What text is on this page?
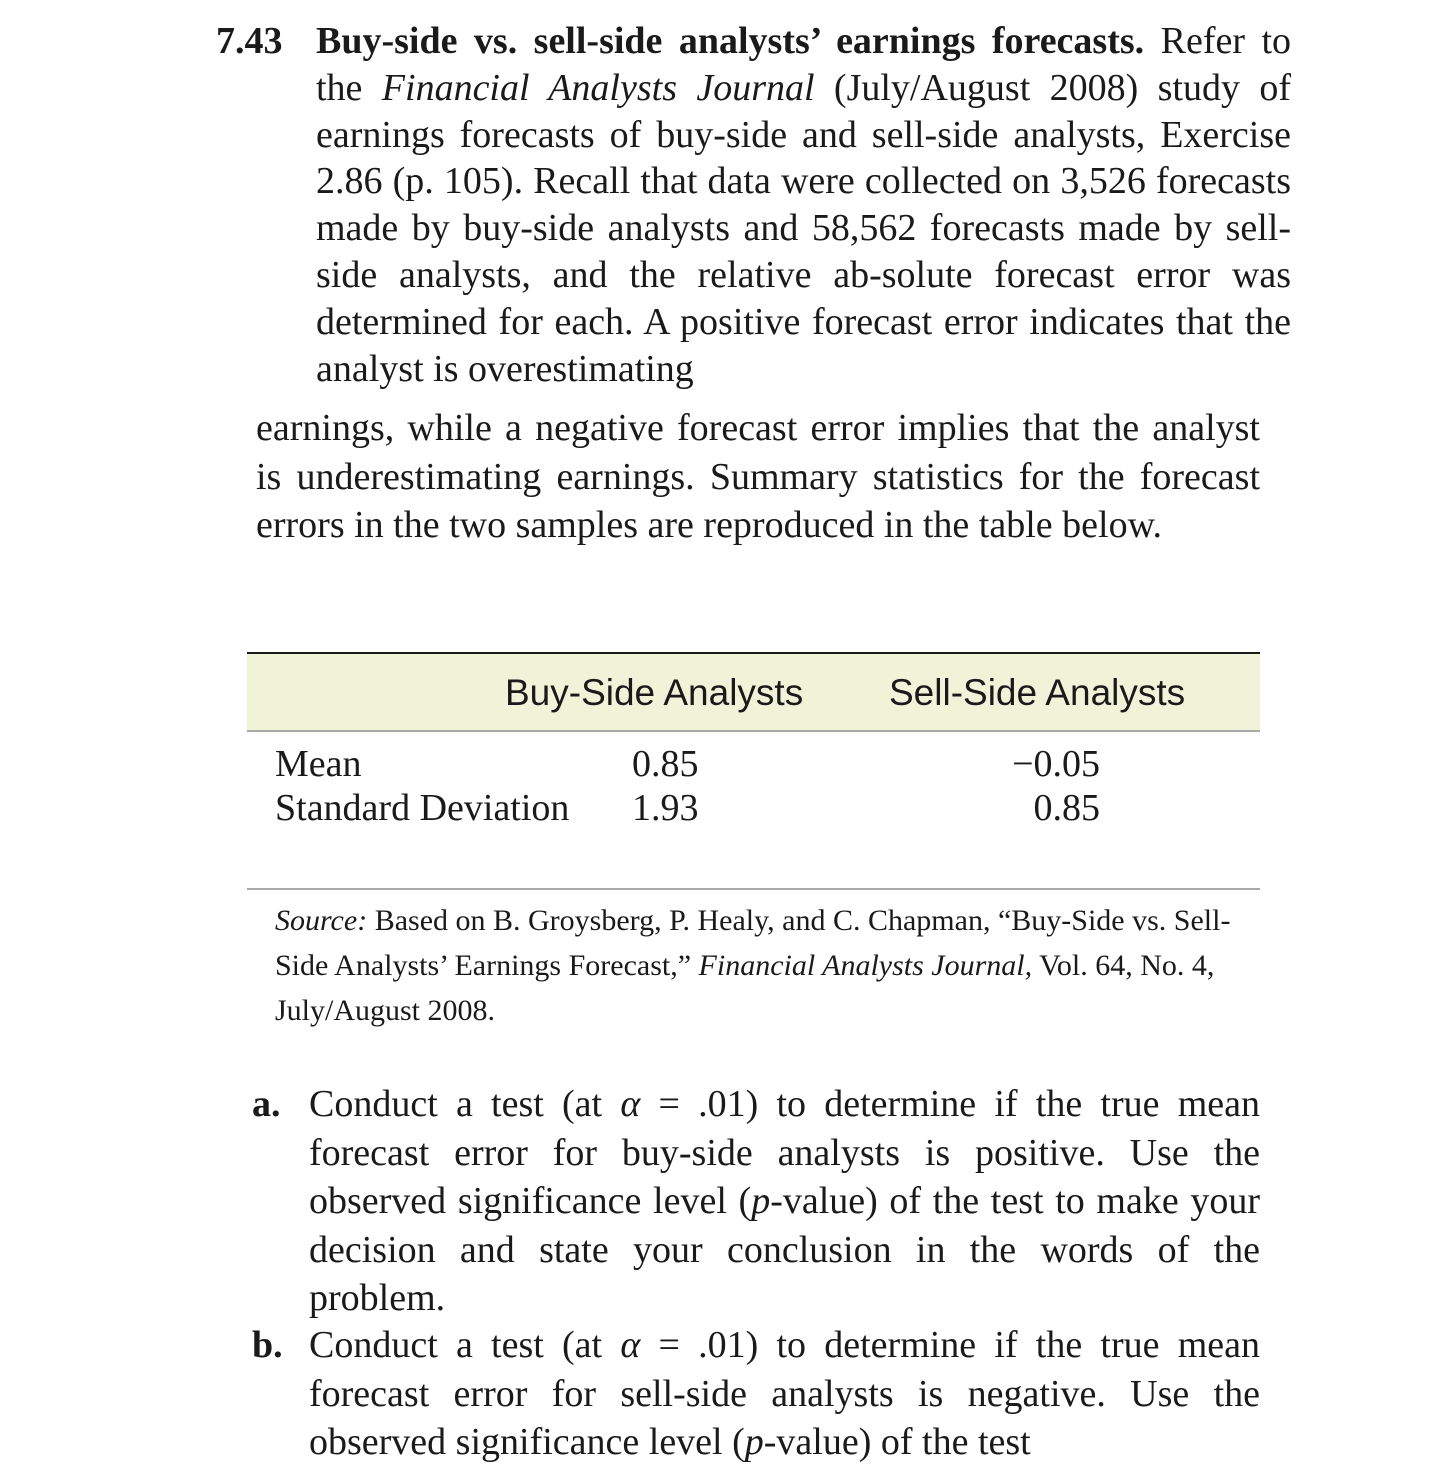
7.43 Buy-side vs. sell-side analysts’ earnings forecasts. Refer to the Financial Analysts Journal (July/August 2008) study of earnings forecasts of buy-side and sell-side analysts, Exercise 2.86 (p. 105). Recall that data were collected on 3,526 forecasts made by buy-side analysts and 58,562 forecasts made by sell-side analysts, and the relative ab-solute forecast error was determined for each. A positive forecast error indicates that the analyst is overestimating
earnings, while a negative forecast error implies that the analyst is underestimating earnings. Summary statistics for the forecast errors in the two samples are reproduced in the table below.
Buy-Side Analysts Sell-Side Analysts
Mean
Standard Deviation
0.85
1.93
−0.05
0.85
Source: Based on B. Groysberg, P. Healy, and C. Chapman, “Buy-Side vs. Sell-Side Analysts’ Earnings Forecast,” Financial Analysts Journal, Vol. 64, No. 4, July/August 2008.
a. Conduct a test (at α = .01) to determine if the true mean forecast error for buy-side analysts is positive. Use the observed significance level (p-value) of the test to make your decision and state your conclusion in the words of the problem.
b. Conduct a test (at α = .01) to determine if the true mean forecast error for sell-side analysts is negative. Use the observed significance level (p-value) of the test
